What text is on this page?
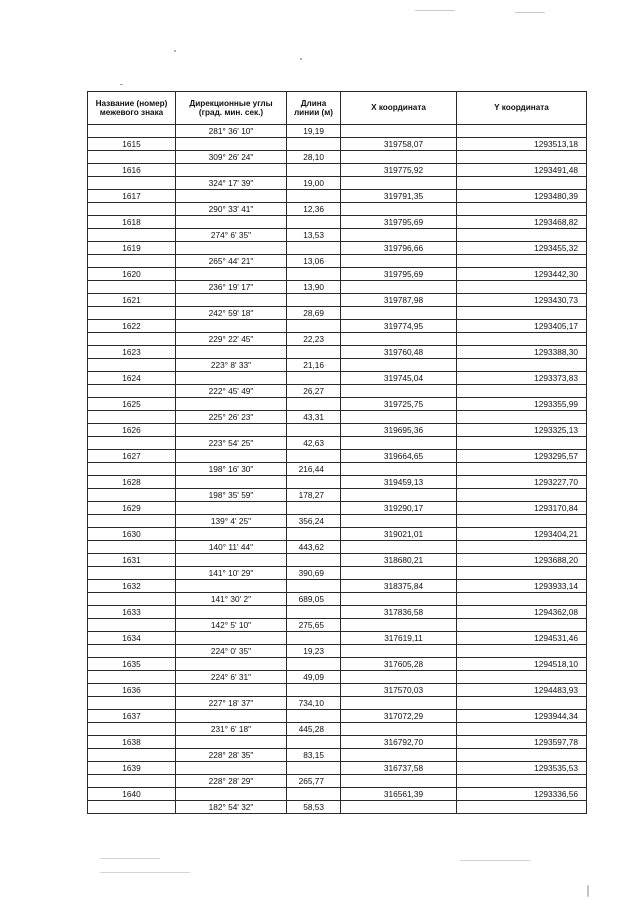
Название (номер)
межевого знака	Дирекционные углы
(град. мин. сек.)	Длина
линии (м)	X координата	Y координата
	281° 36' 10"	19,19		
1615			319758,07	1293513,18
	309° 26' 24"	28,10		
1616			319775,92	1293491,48
	324° 17' 39"	19,00		
1617			319791,35	1293480,39
	290° 33' 41"	12,36		
1618			319795,69	1293468,82
	274° 6' 35"	13,53		
1619			319796,66	1293455,32
	265° 44' 21"	13,06		
1620			319795,69	1293442,30
	236° 19' 17"	13,90		
1621			319787,98	1293430,73
	242° 59' 18"	28,69		
1622			319774,95	1293405,17
	229° 22' 45"	22,23		
1623			319760,48	1293388,30
	223° 8' 33"	21,16		
1624			319745,04	1293373,83
	222° 45' 49"	26,27		
1625			319725,75	1293355,99
	225° 26' 23"	43,31		
1626			319695,36	1293325,13
	223° 54' 25"	42,63		
1627			319664,65	1293295,57
	198° 16' 30"	216,44		
1628			319459,13	1293227,70
	198° 35' 59"	178,27		
1629			319290,17	1293170,84
	139° 4' 25"	356,24		
1630			319021,01	1293404,21
	140° 11' 44"	443,62		
1631			318680,21	1293688,20
	141° 10' 29"	390,69		
1632			318375,84	1293933,14
	141° 30' 2"	689,05		
1633			317836,58	1294362,08
	142° 5' 10"	275,65		
1634			317619,11	1294531,46
	224° 0' 35"	19,23		
1635			317605,28	1294518,10
	224° 6' 31"	49,09		
1636			317570,03	1294483,93
	227° 18' 37"	734,10		
1637			317072,29	1293944,34
	231° 6' 18"	445,28		
1638			316792,70	1293597,78
	228° 28' 35"	83,15		
1639			316737,58	1293535,53
	228° 28' 29"	265,77		
1640			316561,39	1293336,56
	182° 54' 32"	58,53		
